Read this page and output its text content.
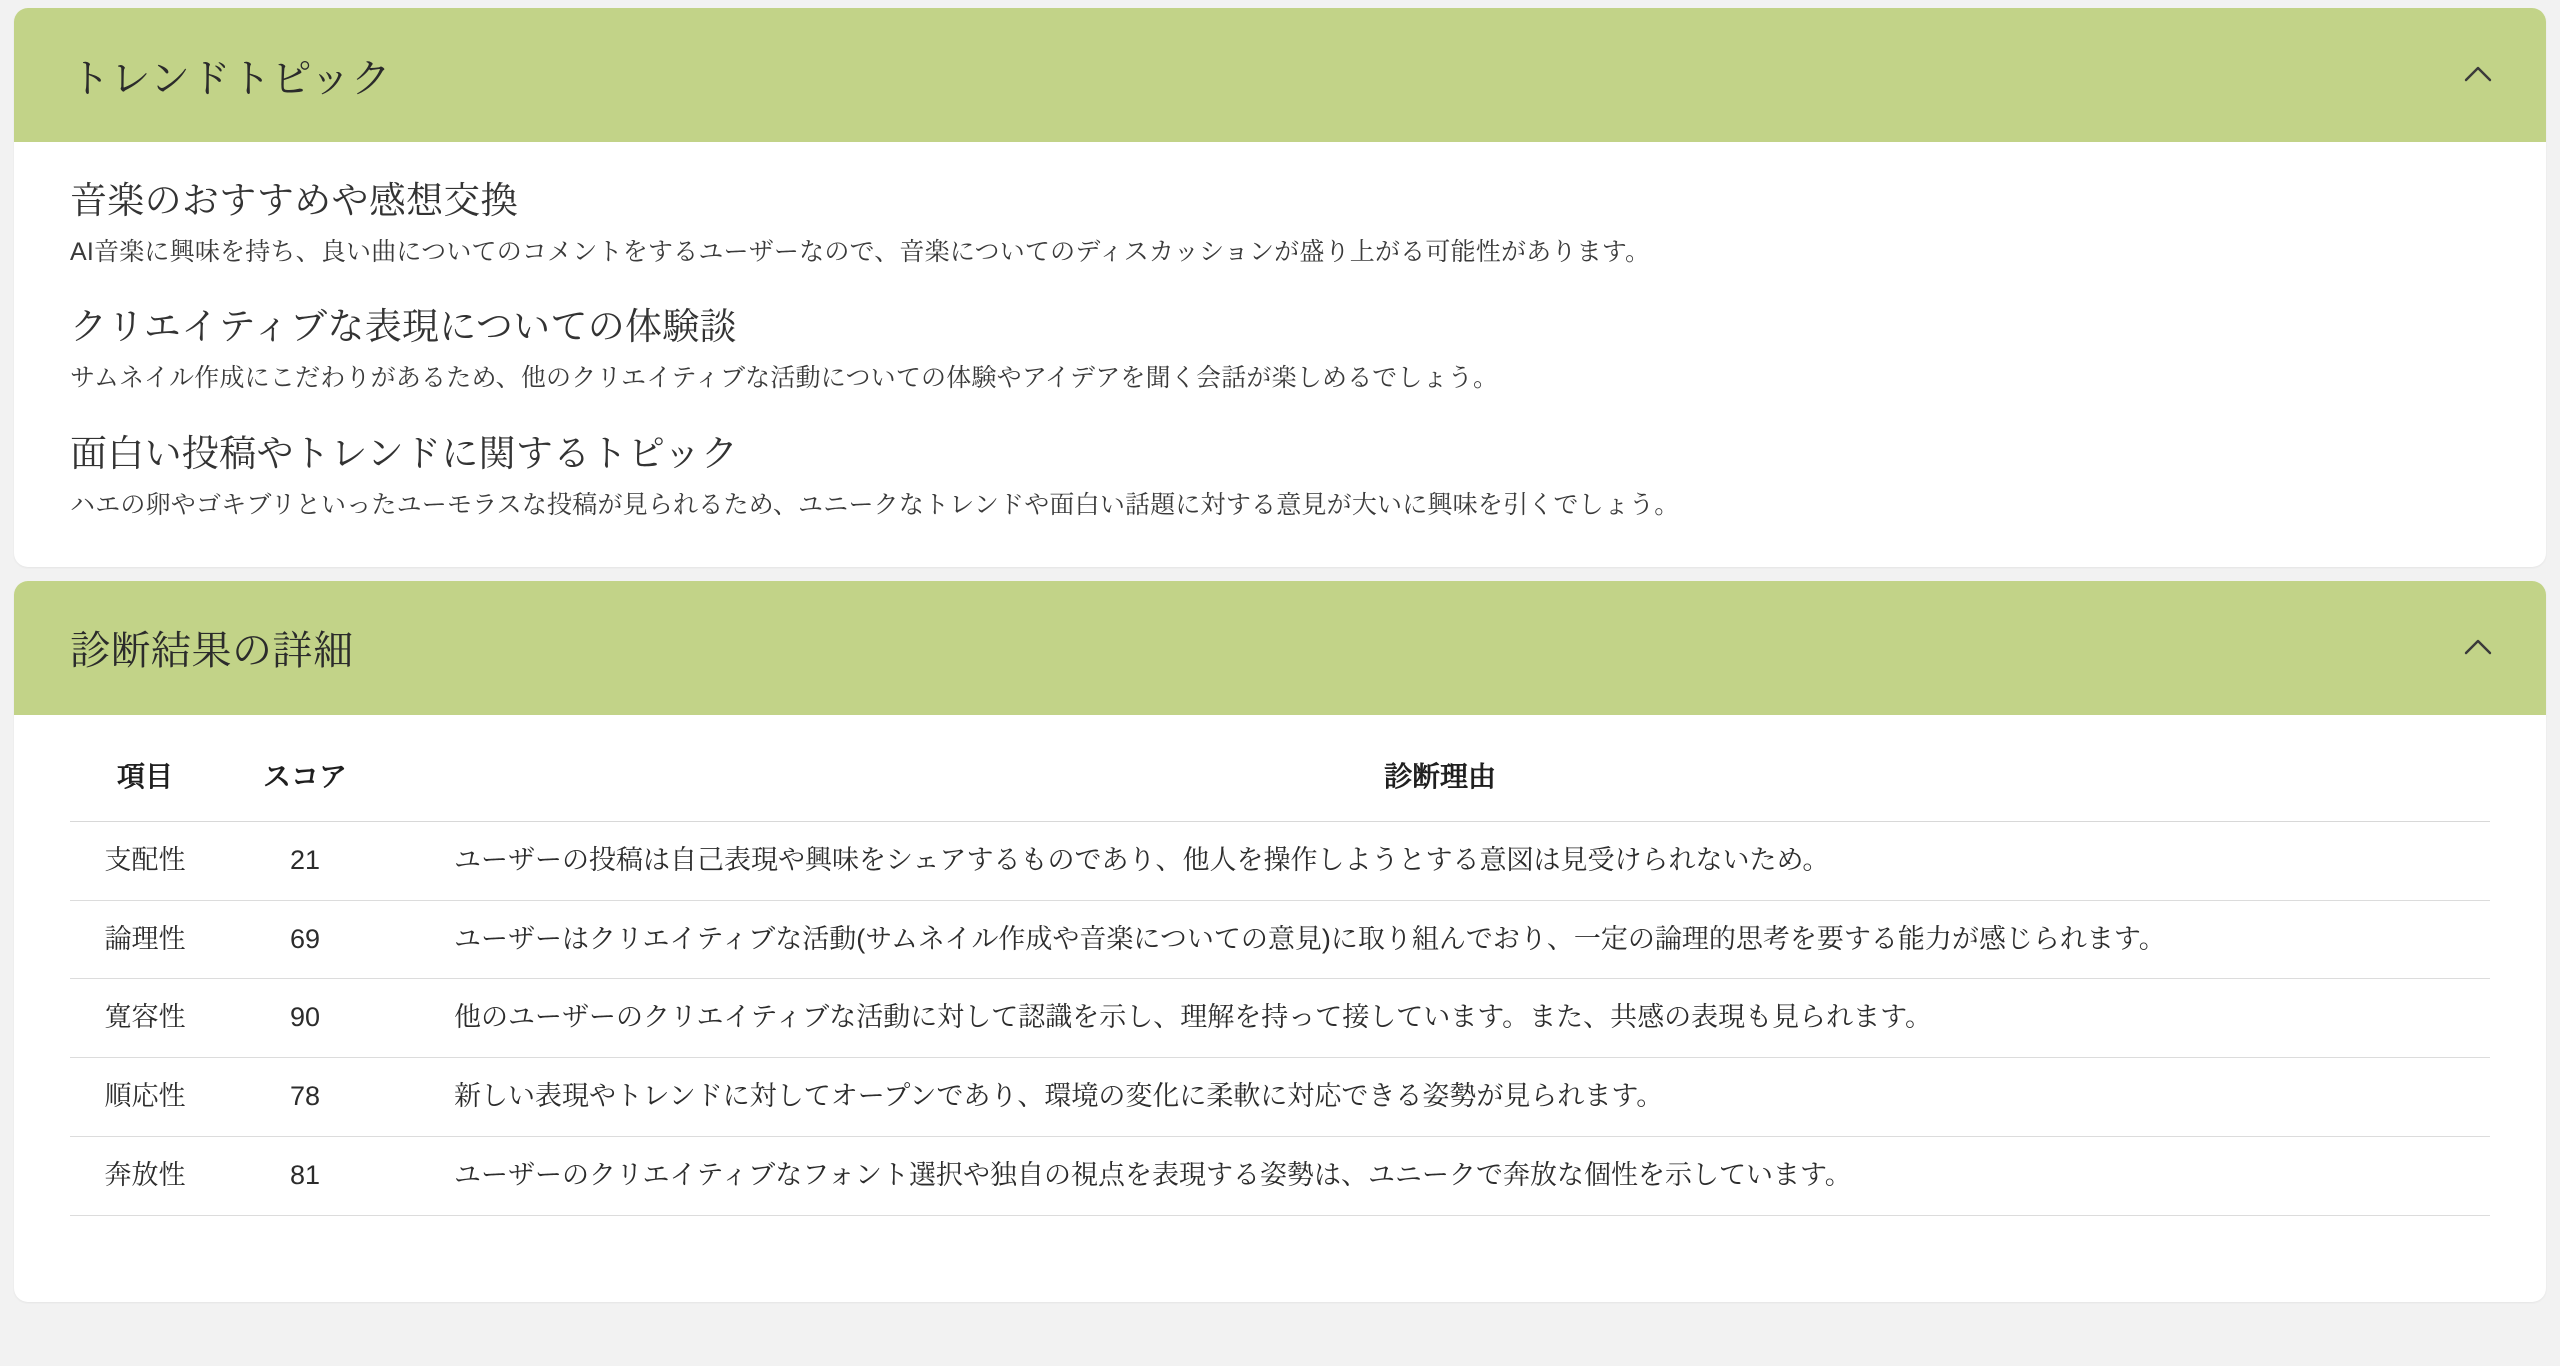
トレンドトピック
音楽のおすすめや感想交換

AI音楽に興味を持ち、良い曲についてのコメントをするユーザーなので、音楽についてのディスカッションが盛り上がる可能性があります。

クリエイティブな表現についての体験談

サムネイル作成にこだわりがあるため、他のクリエイティブな活動についての体験やアイデアを聞く会話が楽しめるでしょう。

面白い投稿やトレンドに関するトピック

ハエの卵やゴキブリといったユーモラスな投稿が見られるため、ユニークなトレンドや面白い話題に対する意見が大いに興味を引くでしょう。

診断結果の詳細
項目	スコア	診断理由
支配性	21	ユーザーの投稿は自己表現や興味をシェアするものであり、他人を操作しようとする意図は見受けられないため。
論理性	69	ユーザーはクリエイティブな活動(サムネイル作成や音楽についての意見)に取り組んでおり、一定の論理的思考を要する能力が感じられます。
寛容性	90	他のユーザーのクリエイティブな活動に対して認識を示し、理解を持って接しています。また、共感の表現も見られます。
順応性	78	新しい表現やトレンドに対してオープンであり、環境の変化に柔軟に対応できる姿勢が見られます。
奔放性	81	ユーザーのクリエイティブなフォント選択や独自の視点を表現する姿勢は、ユニークで奔放な個性を示しています。
